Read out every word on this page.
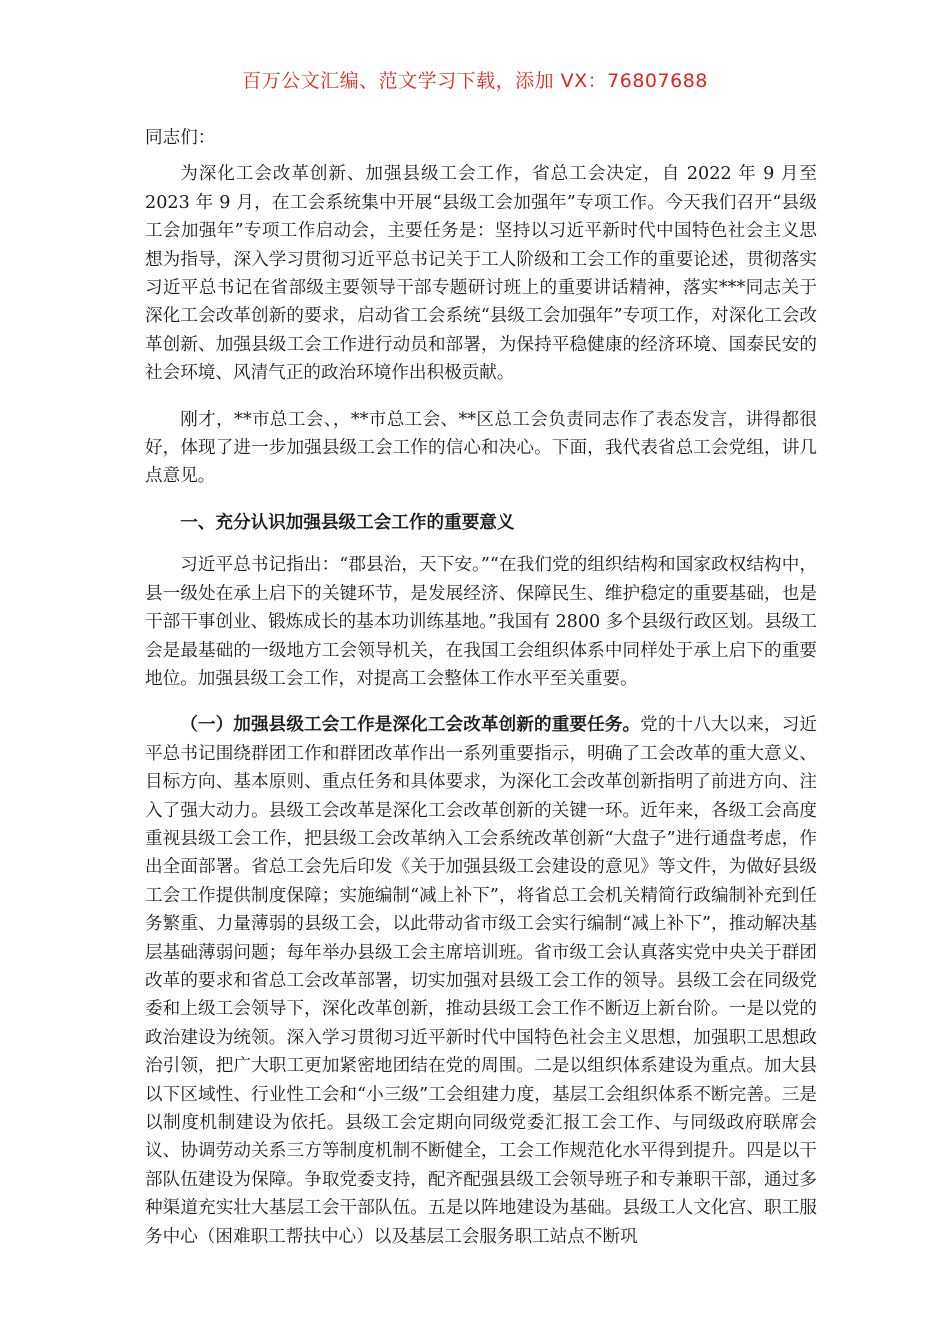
百万公文汇编、范文学习下载，添加 VX：76807688

同志们：

为深化工会改革创新、加强县级工会工作，省总工会决定，自 2022 年 9 月至 2023 年 9 月，在工会系统集中开展“县级工会加强年”专项工作。今天我们召开“县级工会加强年”专项工作启动会，主要任务是：坚持以习近平新时代中国特色社会主义思想为指导，深入学习贯彻习近平总书记关于工人阶级和工会工作的重要论述，贯彻落实习近平总书记在省部级主要领导干部专题研讨班上的重要讲话精神，落实***同志关于深化工会改革创新的要求，启动省工会系统“县级工会加强年”专项工作，对深化工会改革创新、加强县级工会工作进行动员和部署，为保持平稳健康的经济环境、国泰民安的社会环境、风清气正的政治环境作出积极贡献。

刚才，**市总工会、，**市总工会、**区总工会负责同志作了表态发言，讲得都很好，体现了进一步加强县级工会工作的信心和决心。下面，我代表省总工会党组，讲几点意见。

一、充分认识加强县级工会工作的重要意义

习近平总书记指出：“郡县治，天下安。”“在我们党的组织结构和国家政权结构中，县一级处在承上启下的关键环节，是发展经济、保障民生、维护稳定的重要基础，也是干部干事创业、锻炼成长的基本功训练基地。”我国有 2800 多个县级行政区划。县级工会是最基础的一级地方工会领导机关，在我国工会组织体系中同样处于承上启下的重要地位。加强县级工会工作，对提高工会整体工作水平至关重要。

（一）加强县级工会工作是深化工会改革创新的重要任务。党的十八大以来，习近平总书记围绕群团工作和群团改革作出一系列重要指示，明确了工会改革的重大意义、目标方向、基本原则、重点任务和具体要求，为深化工会改革创新指明了前进方向、注入了强大动力。县级工会改革是深化工会改革创新的关键一环。近年来，各级工会高度重视县级工会工作，把县级工会改革纳入工会系统改革创新“大盘子”进行通盘考虑，作出全面部署。省总工会先后印发《关于加强县级工会建设的意见》等文件，为做好县级工会工作提供制度保障；实施编制“减上补下”，将省总工会机关精简行政编制补充到任务繁重、力量薄弱的县级工会，以此带动省市级工会实行编制“减上补下”，推动解决基层基础薄弱问题；每年举办县级工会主席培训班。省市级工会认真落实党中央关于群团改革的要求和省总工会改革部署，切实加强对县级工会工作的领导。县级工会在同级党委和上级工会领导下，深化改革创新，推动县级工会工作不断迈上新台阶。一是以党的政治建设为统领。深入学习贯彻习近平新时代中国特色社会主义思想，加强职工思想政治引领，把广大职工更加紧密地团结在党的周围。二是以组织体系建设为重点。加大县以下区域性、行业性工会和“小三级”工会组建力度，基层工会组织体系不断完善。三是以制度机制建设为依托。县级工会定期向同级党委汇报工会工作、与同级政府联席会议、协调劳动关系三方等制度机制不断健全，工会工作规范化水平得到提升。四是以干部队伍建设为保障。争取党委支持，配齐配强县级工会领导班子和专兼职干部，通过多种渠道充实壮大基层工会干部队伍。五是以阵地建设为基础。县级工人文化宫、职工服务中心（困难职工帮扶中心）以及基层工会服务职工站点不断巩
